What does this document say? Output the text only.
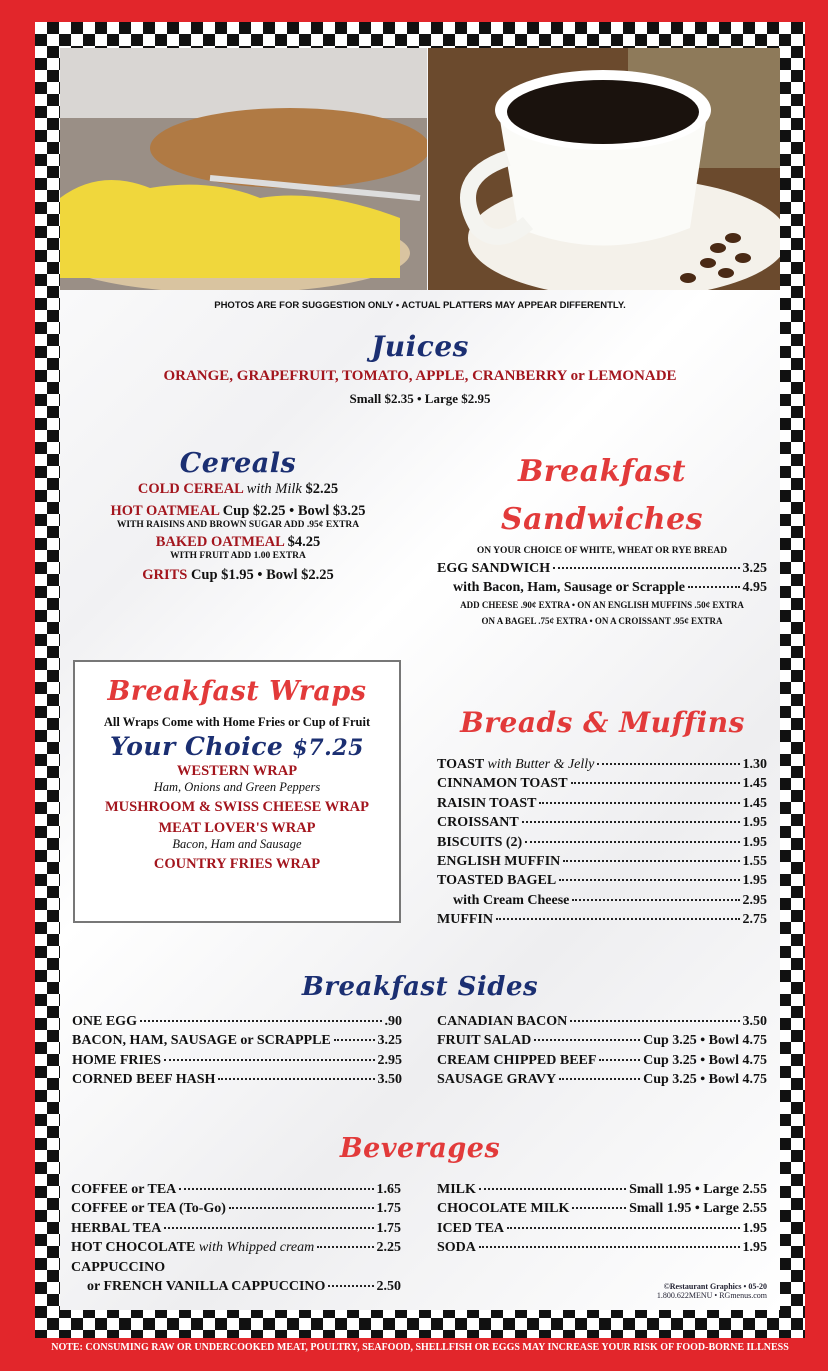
PHOTOS ARE FOR SUGGESTION ONLY • ACTUAL PLATTERS MAY APPEAR DIFFERENTLY.
Juices
ORANGE, GRAPEFRUIT, TOMATO, APPLE, CRANBERRY or LEMONADE
Small $2.35 • Large $2.95
Cereals
COLD CEREAL with Milk $2.25
HOT OATMEAL Cup $2.25 • Bowl $3.25
WITH RAISINS AND BROWN SUGAR ADD .95¢ EXTRA
BAKED OATMEAL $4.25
WITH FRUIT ADD 1.00 EXTRA
GRITS Cup $1.95 • Bowl $2.25
Breakfast
Sandwiches
ON YOUR CHOICE OF WHITE, WHEAT OR RYE BREAD
EGG SANDWICH	3.25
with Bacon, Ham, Sausage or Scrapple	4.95
ADD CHEESE .90¢ EXTRA • ON AN ENGLISH MUFFINS .50¢ EXTRA
ON A BAGEL .75¢ EXTRA • ON A CROISSANT .95¢ EXTRA
Breakfast Wraps
All Wraps Come with Home Fries or Cup of Fruit
Your Choice $7.25
WESTERN WRAP
Ham, Onions and Green Peppers
MUSHROOM & SWISS CHEESE WRAP
MEAT LOVER'S WRAP
Bacon, Ham and Sausage
COUNTRY FRIES WRAP
Breads & Muffins
TOAST with Butter & Jelly	1.30
CINNAMON TOAST	1.45
RAISIN TOAST	1.45
CROISSANT	1.95
BISCUITS (2)	1.95
ENGLISH MUFFIN	1.55
TOASTED BAGEL	1.95
with Cream Cheese	2.95
MUFFIN	2.75
Breakfast Sides
ONE EGG	.90
BACON, HAM, SAUSAGE or SCRAPPLE	3.25
HOME FRIES	2.95
CORNED BEEF HASH	3.50
CANADIAN BACON	3.50
FRUIT SALAD	Cup 3.25 • Bowl 4.75
CREAM CHIPPED BEEF	Cup 3.25 • Bowl 4.75
SAUSAGE GRAVY	Cup 3.25 • Bowl 4.75
Beverages
COFFEE or TEA	1.65
COFFEE or TEA (To-Go)	1.75
HERBAL TEA	1.75
HOT CHOCOLATE with Whipped cream	2.25
CAPPUCCINO
or FRENCH VANILLA CAPPUCCINO	2.50
MILK	Small 1.95 • Large 2.55
CHOCOLATE MILK	Small 1.95 • Large 2.55
ICED TEA	1.95
SODA	1.95
©Restaurant Graphics • 05-20
1.800.622MENU • RGmenus.com
NOTE: CONSUMING RAW OR UNDERCOOKED MEAT, POULTRY, SEAFOOD, SHELLFISH OR EGGS MAY INCREASE YOUR RISK OF FOOD-BORNE ILLNESS
